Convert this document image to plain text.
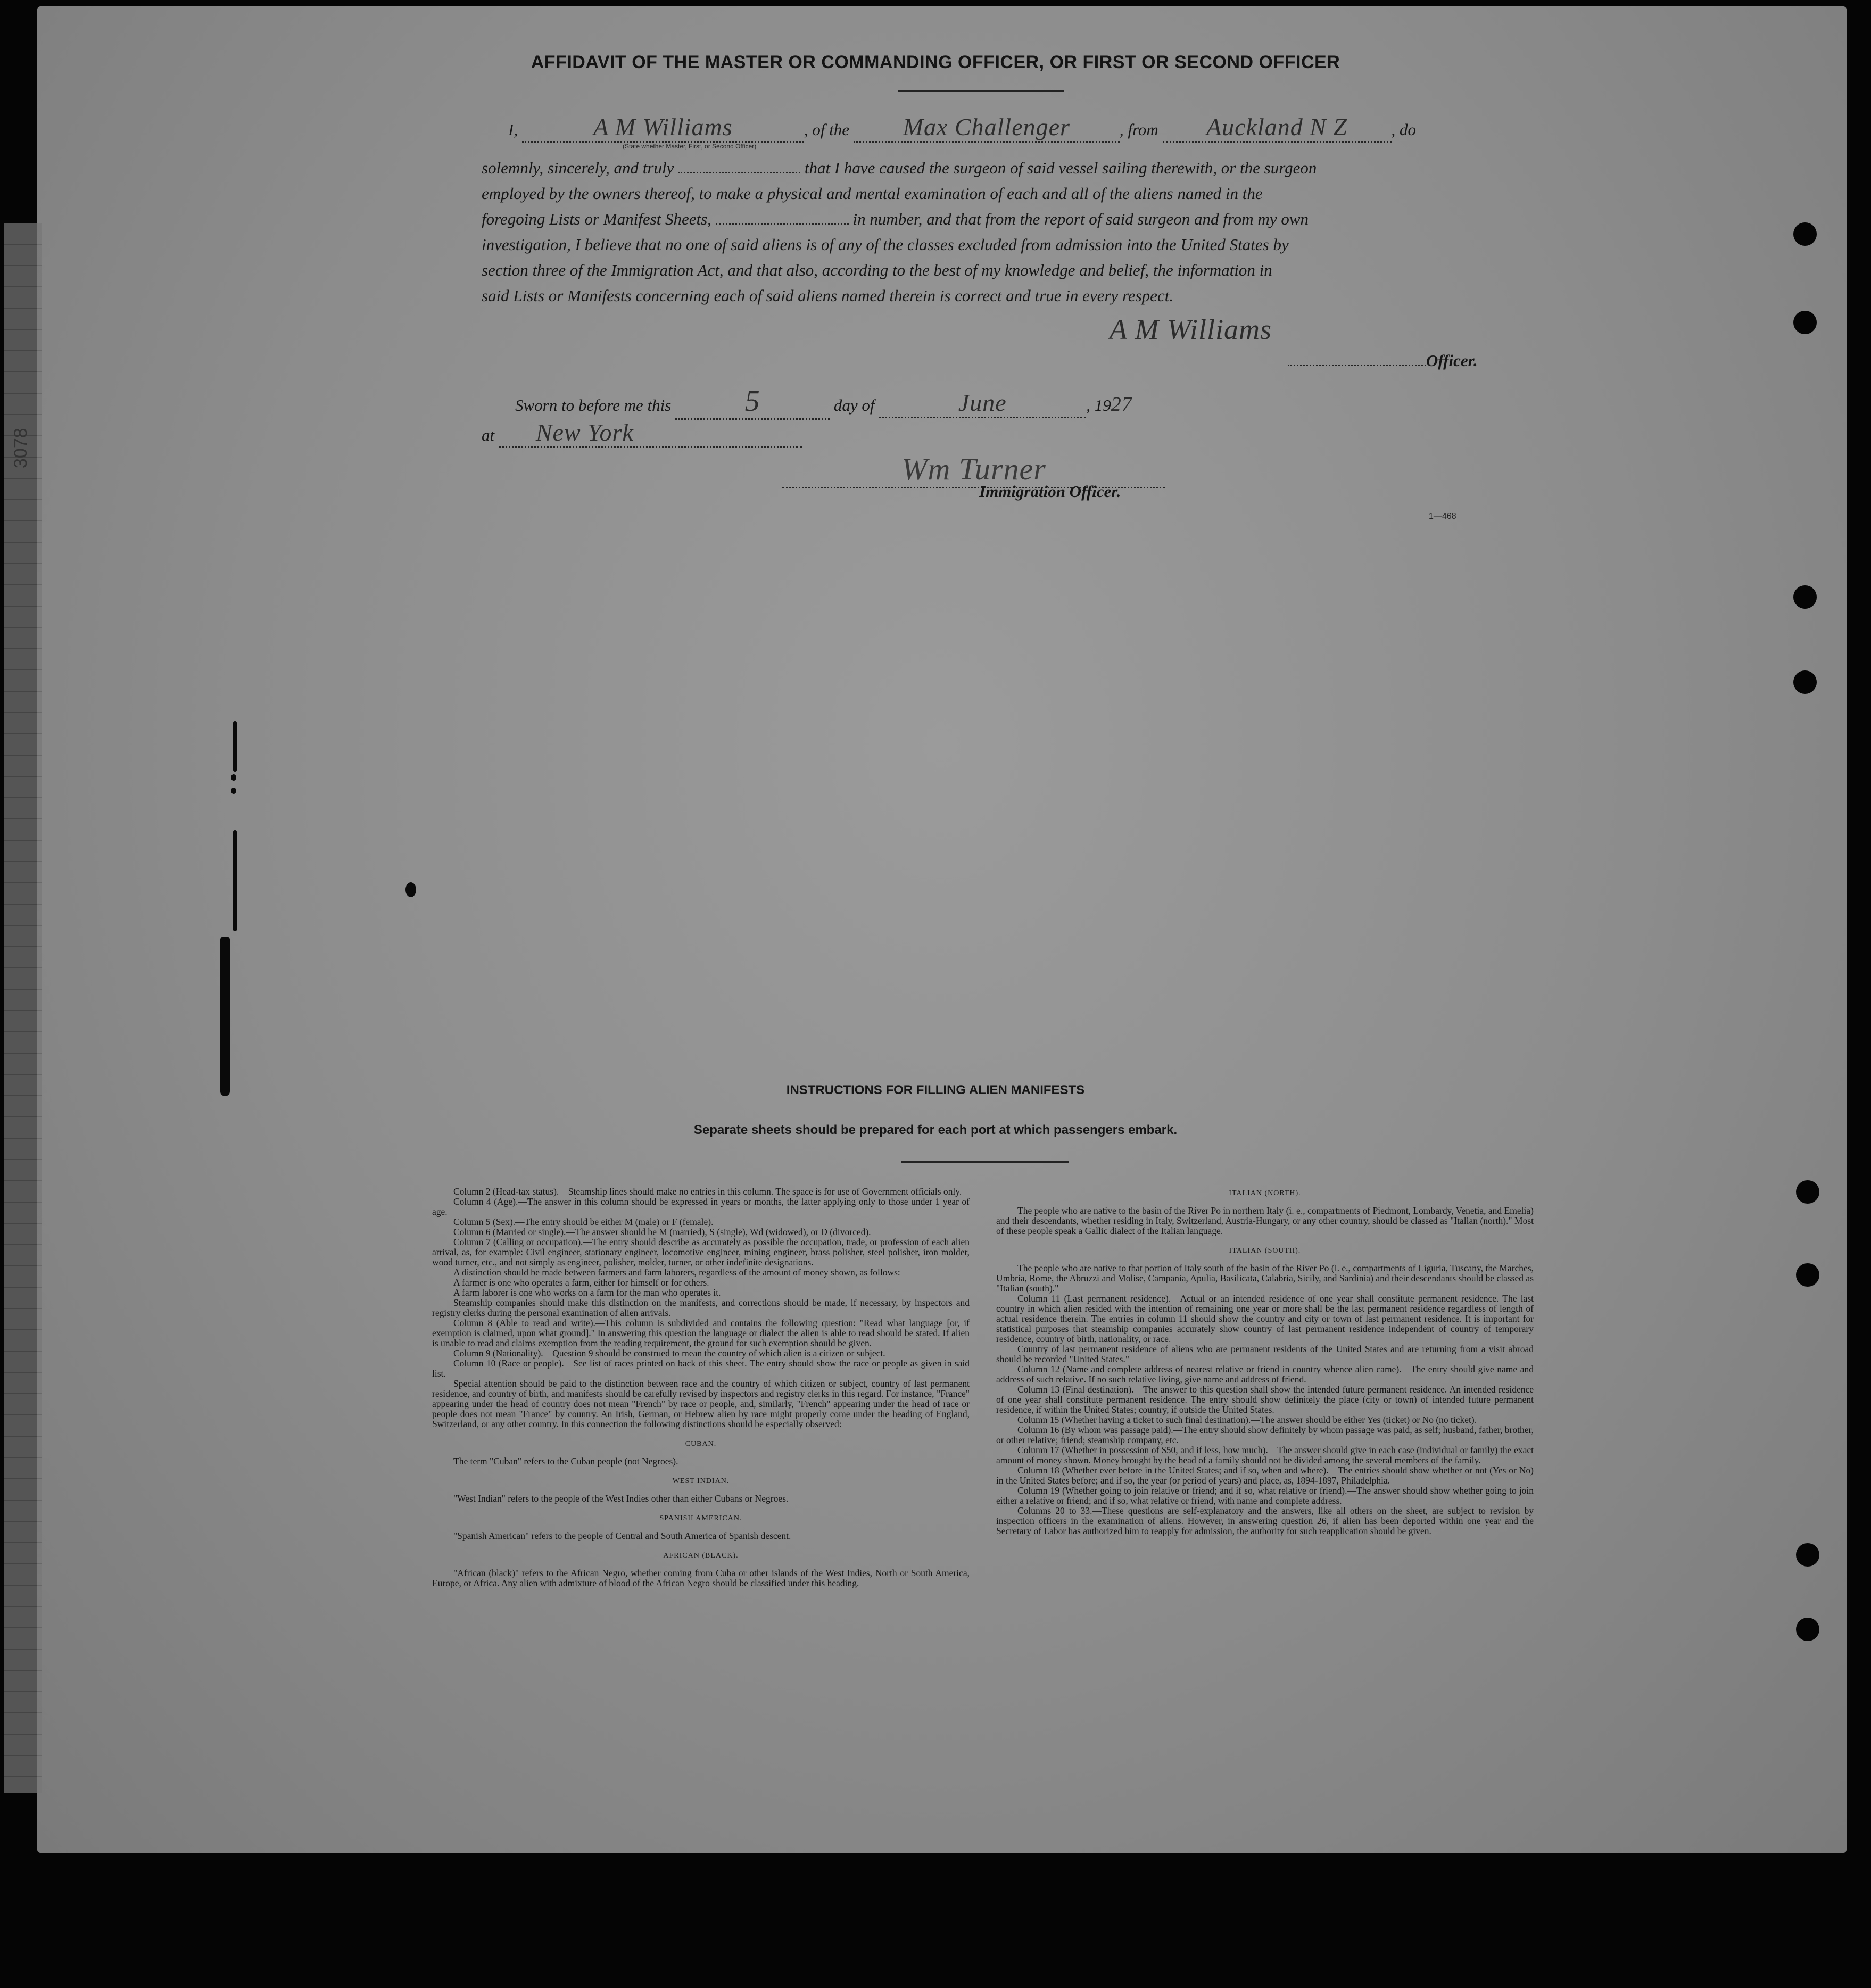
3078
AFFIDAVIT OF THE MASTER OR COMMANDING OFFICER, OR FIRST OR SECOND OFFICER
I,	A M Williams	, of the Max Challenger	, from Auckland N Z	, do
(State whether Master, First, or Second Officer)
solemnly, sincerely, and truly	that I have caused the surgeon of said vessel sailing therewith, or the surgeon
employed by the owners thereof, to make a physical and mental examination of each and all of the aliens named in the
foregoing Lists or Manifest Sheets,	in number, and that from the report of said surgeon and from my own
investigation, I believe that no one of said aliens is of any of the classes excluded from admission into the United States by
section three of the Immigration Act, and that also, according to the best of my knowledge and belief, the information in
said Lists or Manifests concerning each of said aliens named therein is correct and true in every respect.
A M Williams
Officer.
Sworn to before me this 5	day of	June	, 1927
at New York
Wm Turner
Immigration Officer.
1—468
INSTRUCTIONS FOR FILLING ALIEN MANIFESTS
Separate sheets should be prepared for each port at which passengers embark.

Column 2 (Head-tax status).—Steamship lines should make no entries in this column. The space is for use of Government officials only.

Column 4 (Age).—The answer in this column should be expressed in years or months, the latter applying only to those under 1 year of age.

Column 5 (Sex).—The entry should be either M (male) or F (female).

Column 6 (Married or single).—The answer should be M (married), S (single), Wd (widowed), or D (divorced).

Column 7 (Calling or occupation).—The entry should describe as accurately as possible the occupation, trade, or profession of each alien arrival, as, for example: Civil engineer, stationary engineer, locomotive engineer, mining engineer, brass polisher, steel polisher, iron molder, wood turner, etc., and not simply as engineer, polisher, molder, turner, or other indefinite designations.

A distinction should be made between farmers and farm laborers, regardless of the amount of money shown, as follows:

A farmer is one who operates a farm, either for himself or for others.

A farm laborer is one who works on a farm for the man who operates it.

Steamship companies should make this distinction on the manifests, and corrections should be made, if necessary, by inspectors and registry clerks during the personal examination of alien arrivals.

Column 8 (Able to read and write).—This column is subdivided and contains the following question: "Read what language [or, if exemption is claimed, upon what ground]." In answering this question the language or dialect the alien is able to read should be stated. If alien is unable to read and claims exemption from the reading requirement, the ground for such exemption should be given.

Column 9 (Nationality).—Question 9 should be construed to mean the country of which alien is a citizen or subject.

Column 10 (Race or people).—See list of races printed on back of this sheet. The entry should show the race or people as given in said list.

Special attention should be paid to the distinction between race and the country of which citizen or subject, country of last permanent residence, and country of birth, and manifests should be carefully revised by inspectors and registry clerks in this regard. For instance, "France" appearing under the head of country does not mean "French" by race or people, and, similarly, "French" appearing under the head of race or people does not mean "France" by country. An Irish, German, or Hebrew alien by race might properly come under the heading of England, Switzerland, or any other country. In this connection the following distinctions should be especially observed:

CUBAN.

The term "Cuban" refers to the Cuban people (not Negroes).

WEST INDIAN.

"West Indian" refers to the people of the West Indies other than either Cubans or Negroes.

SPANISH AMERICAN.

"Spanish American" refers to the people of Central and South America of Spanish descent.

AFRICAN (BLACK).

"African (black)" refers to the African Negro, whether coming from Cuba or other islands of the West Indies, North or South America, Europe, or Africa. Any alien with admixture of blood of the African Negro should be classified under this heading.

ITALIAN (NORTH).

The people who are native to the basin of the River Po in northern Italy (i. e., compartments of Piedmont, Lombardy, Venetia, and Emelia) and their descendants, whether residing in Italy, Switzerland, Austria-Hungary, or any other country, should be classed as "Italian (north)." Most of these people speak a Gallic dialect of the Italian language.

ITALIAN (SOUTH).

The people who are native to that portion of Italy south of the basin of the River Po (i. e., compartments of Liguria, Tuscany, the Marches, Umbria, Rome, the Abruzzi and Molise, Campania, Apulia, Basilicata, Calabria, Sicily, and Sardinia) and their descendants should be classed as "Italian (south)."

Column 11 (Last permanent residence).—Actual or an intended residence of one year shall constitute permanent residence. The last country in which alien resided with the intention of remaining one year or more shall be the last permanent residence regardless of length of actual residence therein. The entries in column 11 should show the country and city or town of last permanent residence. It is important for statistical purposes that steamship companies accurately show country of last permanent residence independent of country of temporary residence, country of birth, nationality, or race.

Country of last permanent residence of aliens who are permanent residents of the United States and are returning from a visit abroad should be recorded "United States."

Column 12 (Name and complete address of nearest relative or friend in country whence alien came).—The entry should give name and address of such relative. If no such relative living, give name and address of friend.

Column 13 (Final destination).—The answer to this question shall show the intended future permanent residence. An intended residence of one year shall constitute permanent residence. The entry should show definitely the place (city or town) of intended future permanent residence, if within the United States; country, if outside the United States.

Column 15 (Whether having a ticket to such final destination).—The answer should be either Yes (ticket) or No (no ticket).

Column 16 (By whom was passage paid).—The entry should show definitely by whom passage was paid, as self; husband, father, brother, or other relative; friend; steamship company, etc.

Column 17 (Whether in possession of $50, and if less, how much).—The answer should give in each case (individual or family) the exact amount of money shown. Money brought by the head of a family should not be divided among the several members of the family.

Column 18 (Whether ever before in the United States; and if so, when and where).—The entries should show whether or not (Yes or No) in the United States before; and if so, the year (or period of years) and place, as, 1894-1897, Philadelphia.

Column 19 (Whether going to join relative or friend; and if so, what relative or friend).—The answer should show whether going to join either a relative or friend; and if so, what relative or friend, with name and complete address.

Columns 20 to 33.—These questions are self-explanatory and the answers, like all others on the sheet, are subject to revision by inspection officers in the examination of aliens. However, in answering question 26, if alien has been deported within one year and the Secretary of Labor has authorized him to reapply for admission, the authority for such reapplication should be given.
